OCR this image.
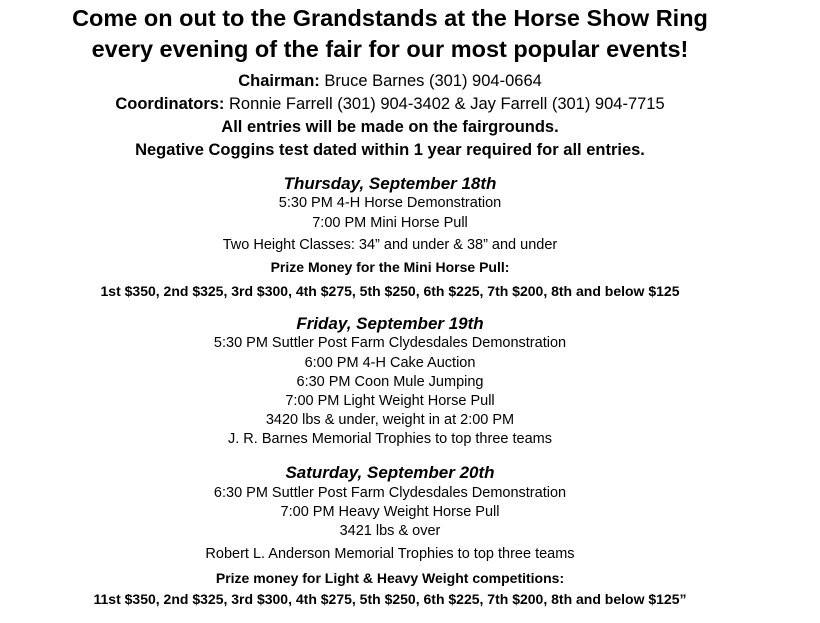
Come on out to the Grandstands at the Horse Show Ring
every evening of the fair for our most popular events!
Chairman: Bruce Barnes (301) 904-0664
Coordinators: Ronnie Farrell (301) 904-3402 & Jay Farrell (301) 904-7715
All entries will be made on the fairgrounds.
Negative Coggins test dated within 1 year required for all entries.
Thursday, September 18th
5:30 PM 4-H Horse Demonstration
7:00 PM Mini Horse Pull
Two Height Classes: 34” and under & 38” and under
Prize Money for the Mini Horse Pull:
1st $350, 2nd $325, 3rd $300, 4th $275, 5th $250, 6th $225, 7th $200, 8th and below $125
Friday, September 19th
5:30 PM Suttler Post Farm Clydesdales Demonstration
6:00 PM 4-H Cake Auction
6:30 PM Coon Mule Jumping
7:00 PM Light Weight Horse Pull
3420 lbs & under, weight in at 2:00 PM
J. R. Barnes Memorial Trophies to top three teams
Saturday, September 20th
6:30 PM Suttler Post Farm Clydesdales Demonstration
7:00 PM Heavy Weight Horse Pull
3421 lbs & over
Robert L. Anderson Memorial Trophies to top three teams
Prize money for Light & Heavy Weight competitions:
11st $350, 2nd $325, 3rd $300, 4th $275, 5th $250, 6th $225, 7th $200, 8th and below $125”
